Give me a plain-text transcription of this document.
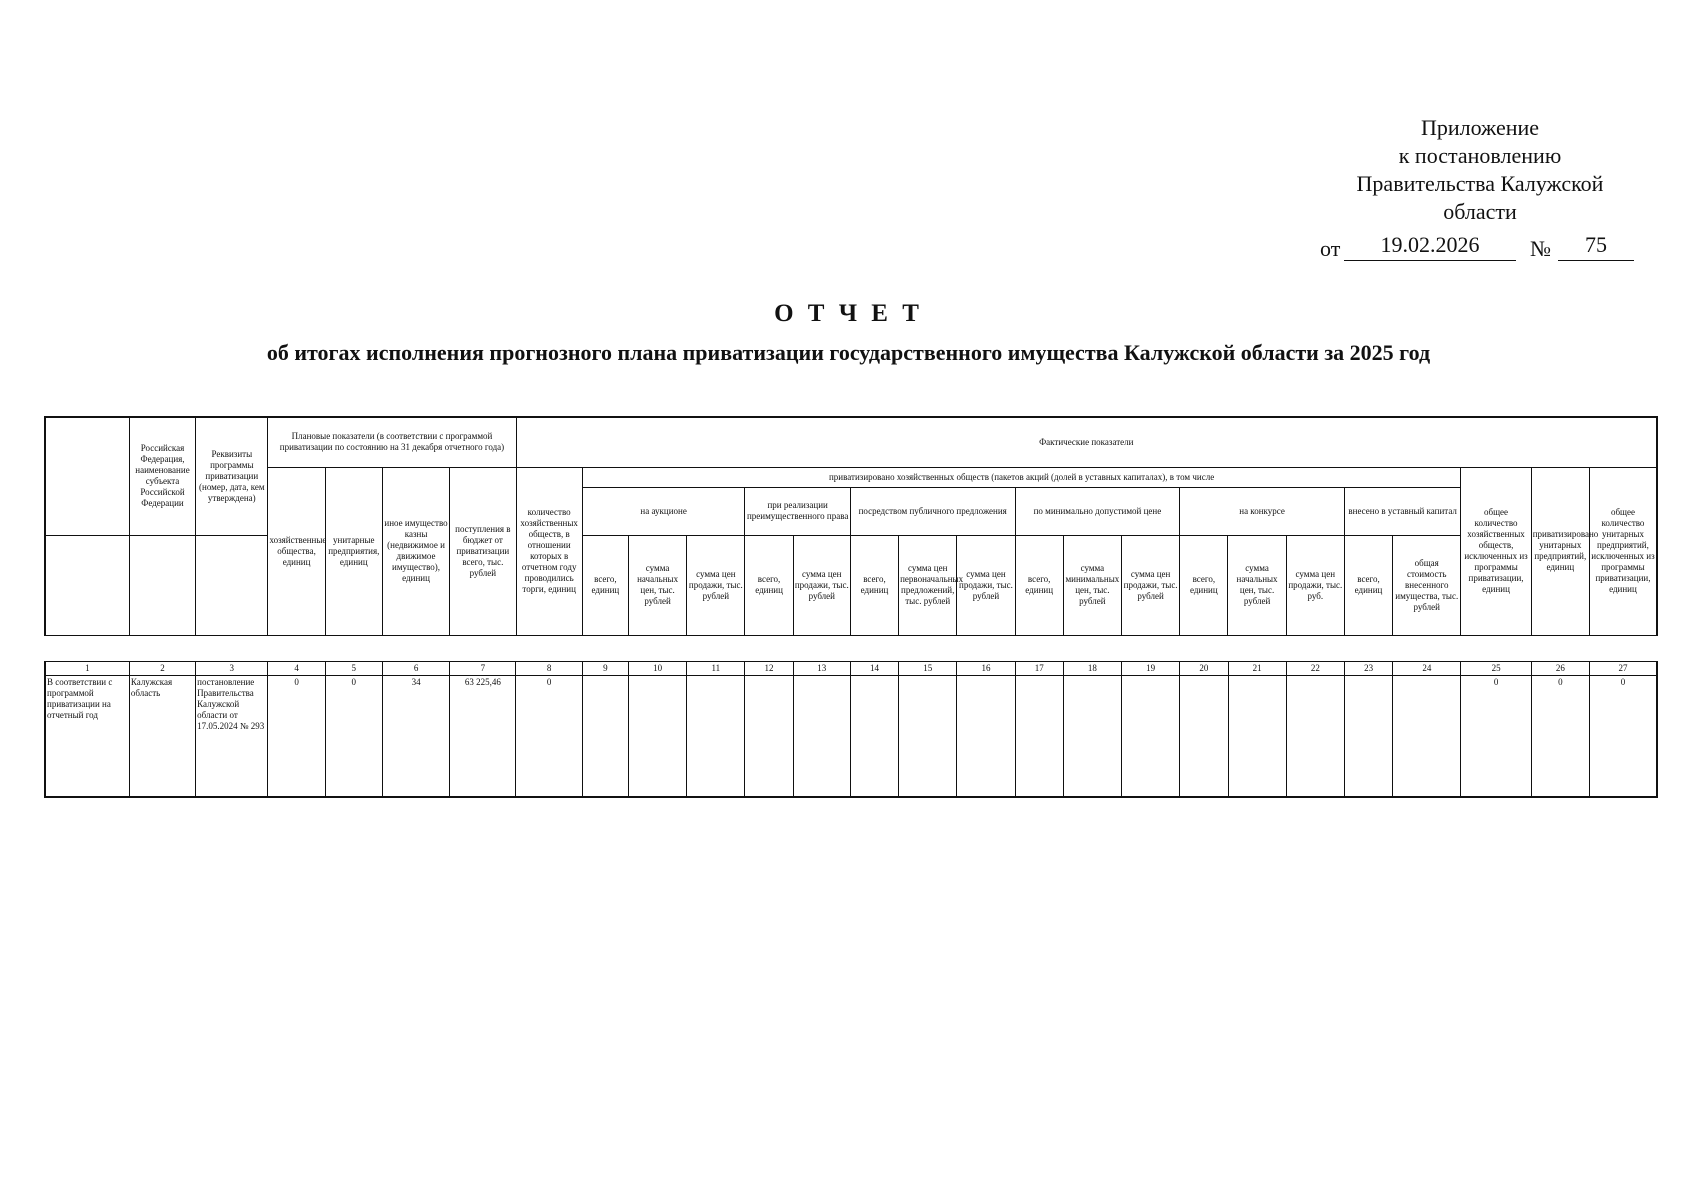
Приложение
к постановлению
Правительства Калужской
области
от	19.02.2026	№	75
О Т Ч Е Т
об итогах исполнения прогнозного плана приватизации государственного имущества Калужской области за 2025 год
	Российская Федерация, наименование субъекта Российской Федерации	Реквизиты программы приватизации (номер, дата, кем утверждена)	Плановые показатели (в соответствии с программой приватизации по состоянию на 31 декабря отчетного года)				Фактические показатели																			
			хозяйственные общества, единиц	унитарные предприятия, единиц	иное имущество казны (недвижимое и движимое имущество), единиц	поступления в бюджет от приватизации всего, тыс. рублей	количество хозяйственных обществ, в отношении которых в отчетном году проводились торги, единиц	приватизировано хозяйственных обществ (пакетов акций (долей в уставных капиталах), в том числе																общее количество хозяйственных обществ, исключенных из программы приватизации, единиц	приватизировано унитарных предприятий, единиц	общее количество унитарных предприятий, исключенных из программы приватизации, единиц
								на аукционе			при реализации преимущественного права		посредством публичного предложения			по минимально допустимой цене			на конкурсе			внесено в уставный капитал				
								всего, единиц	сумма начальных цен, тыс. рублей	сумма цен продажи, тыс. рублей	всего, единиц	сумма цен продажи, тыс. рублей	всего, единиц	сумма цен первоначальных предложений, тыс. рублей	сумма цен продажи, тыс. рублей	всего, единиц	сумма минимальных цен, тыс. рублей	сумма цен продажи, тыс. рублей	всего, единиц	сумма начальных цен, тыс. рублей	сумма цен продажи, тыс. руб.	всего, единиц	общая стоимость внесенного имущества, тыс. рублей			
1	2	3	4	5	6	7	8	9	10	11	12	13	14	15	16	17	18	19	20	21	22	23	24	25	26	27
В соответствии с программой приватизации на отчетный год	Калужская область	постановление Правительства Калужской области от 17.05.2024 № 293	0	0	34	63 225,46	0																	0	0	0
